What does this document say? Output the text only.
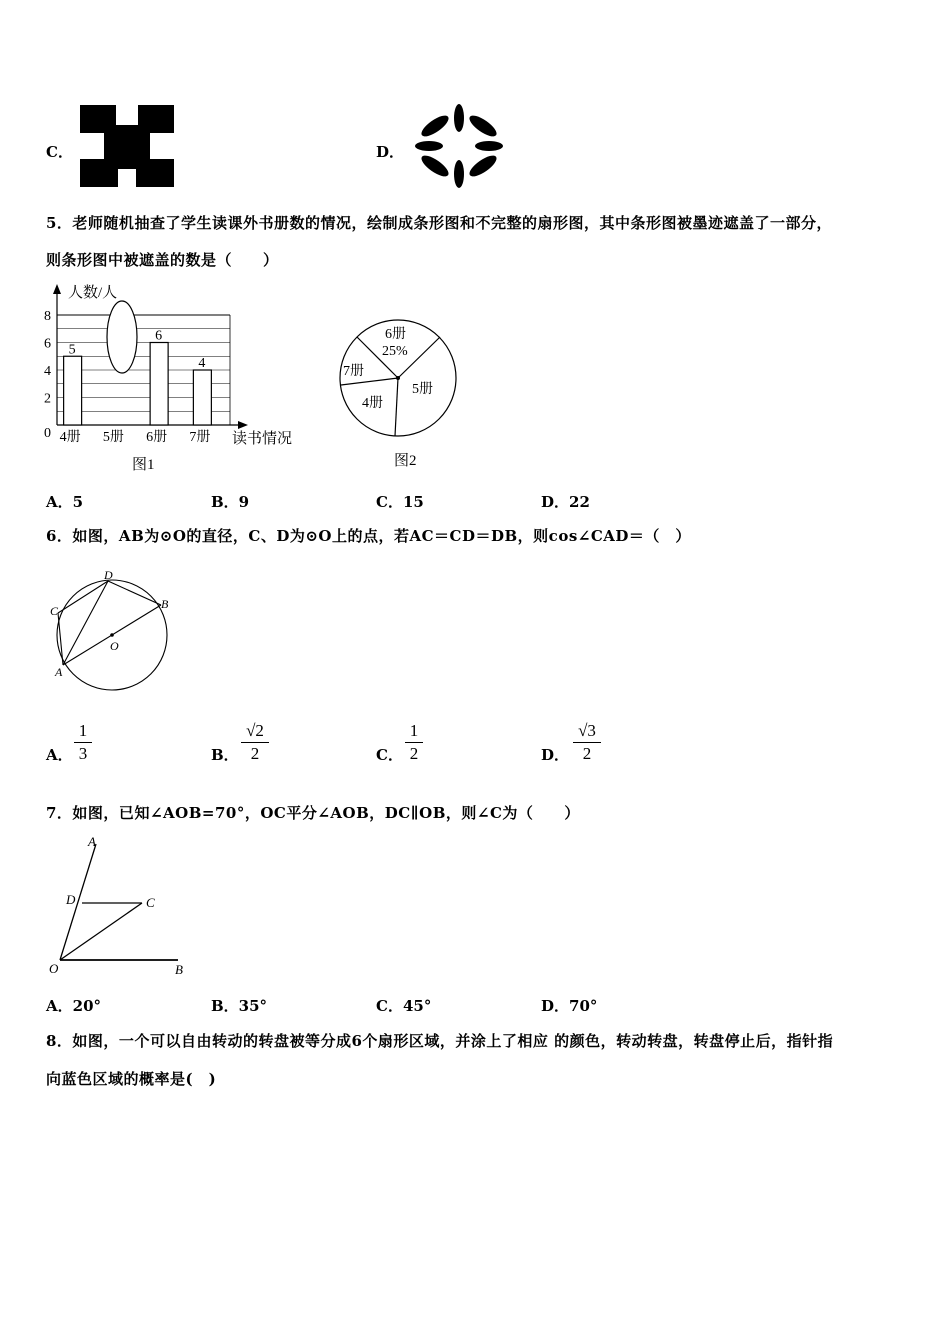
C．	D．
5．老师随机抽查了学生读课外书册数的情况，绘制成条形图和不完整的扇形图，其中条形图被墨迹遮盖了一部分，
则条形图中被遮盖的数是（　　）
人数/人
读书情况
图1
0
2
4
6
8
5
4册 5册
6
6册
4
7册
6册
25%
5册
4册
7册
图2
A．5	B．9	C．15	D．22
6．如图，AB为⊙O的直径，C、D为⊙O上的点，若AC＝CD＝DB，则cos∠CAD＝（　）
A
B
C
D
O
A．
1
3	B．
√2
2	C．
1
2	D．
√3
2
7．如图，已知∠AOB=70°，OC平分∠AOB，DC∥OB，则∠C为（　　）
A
B
C
D
O
A．20°	B．35°	C．45°	D．70°
8．如图，一个可以自由转动的转盘被等分成6个扇形区域，并涂上了相应 的颜色，转动转盘，转盘停止后，指针指
向蓝色区域的概率是(　)
